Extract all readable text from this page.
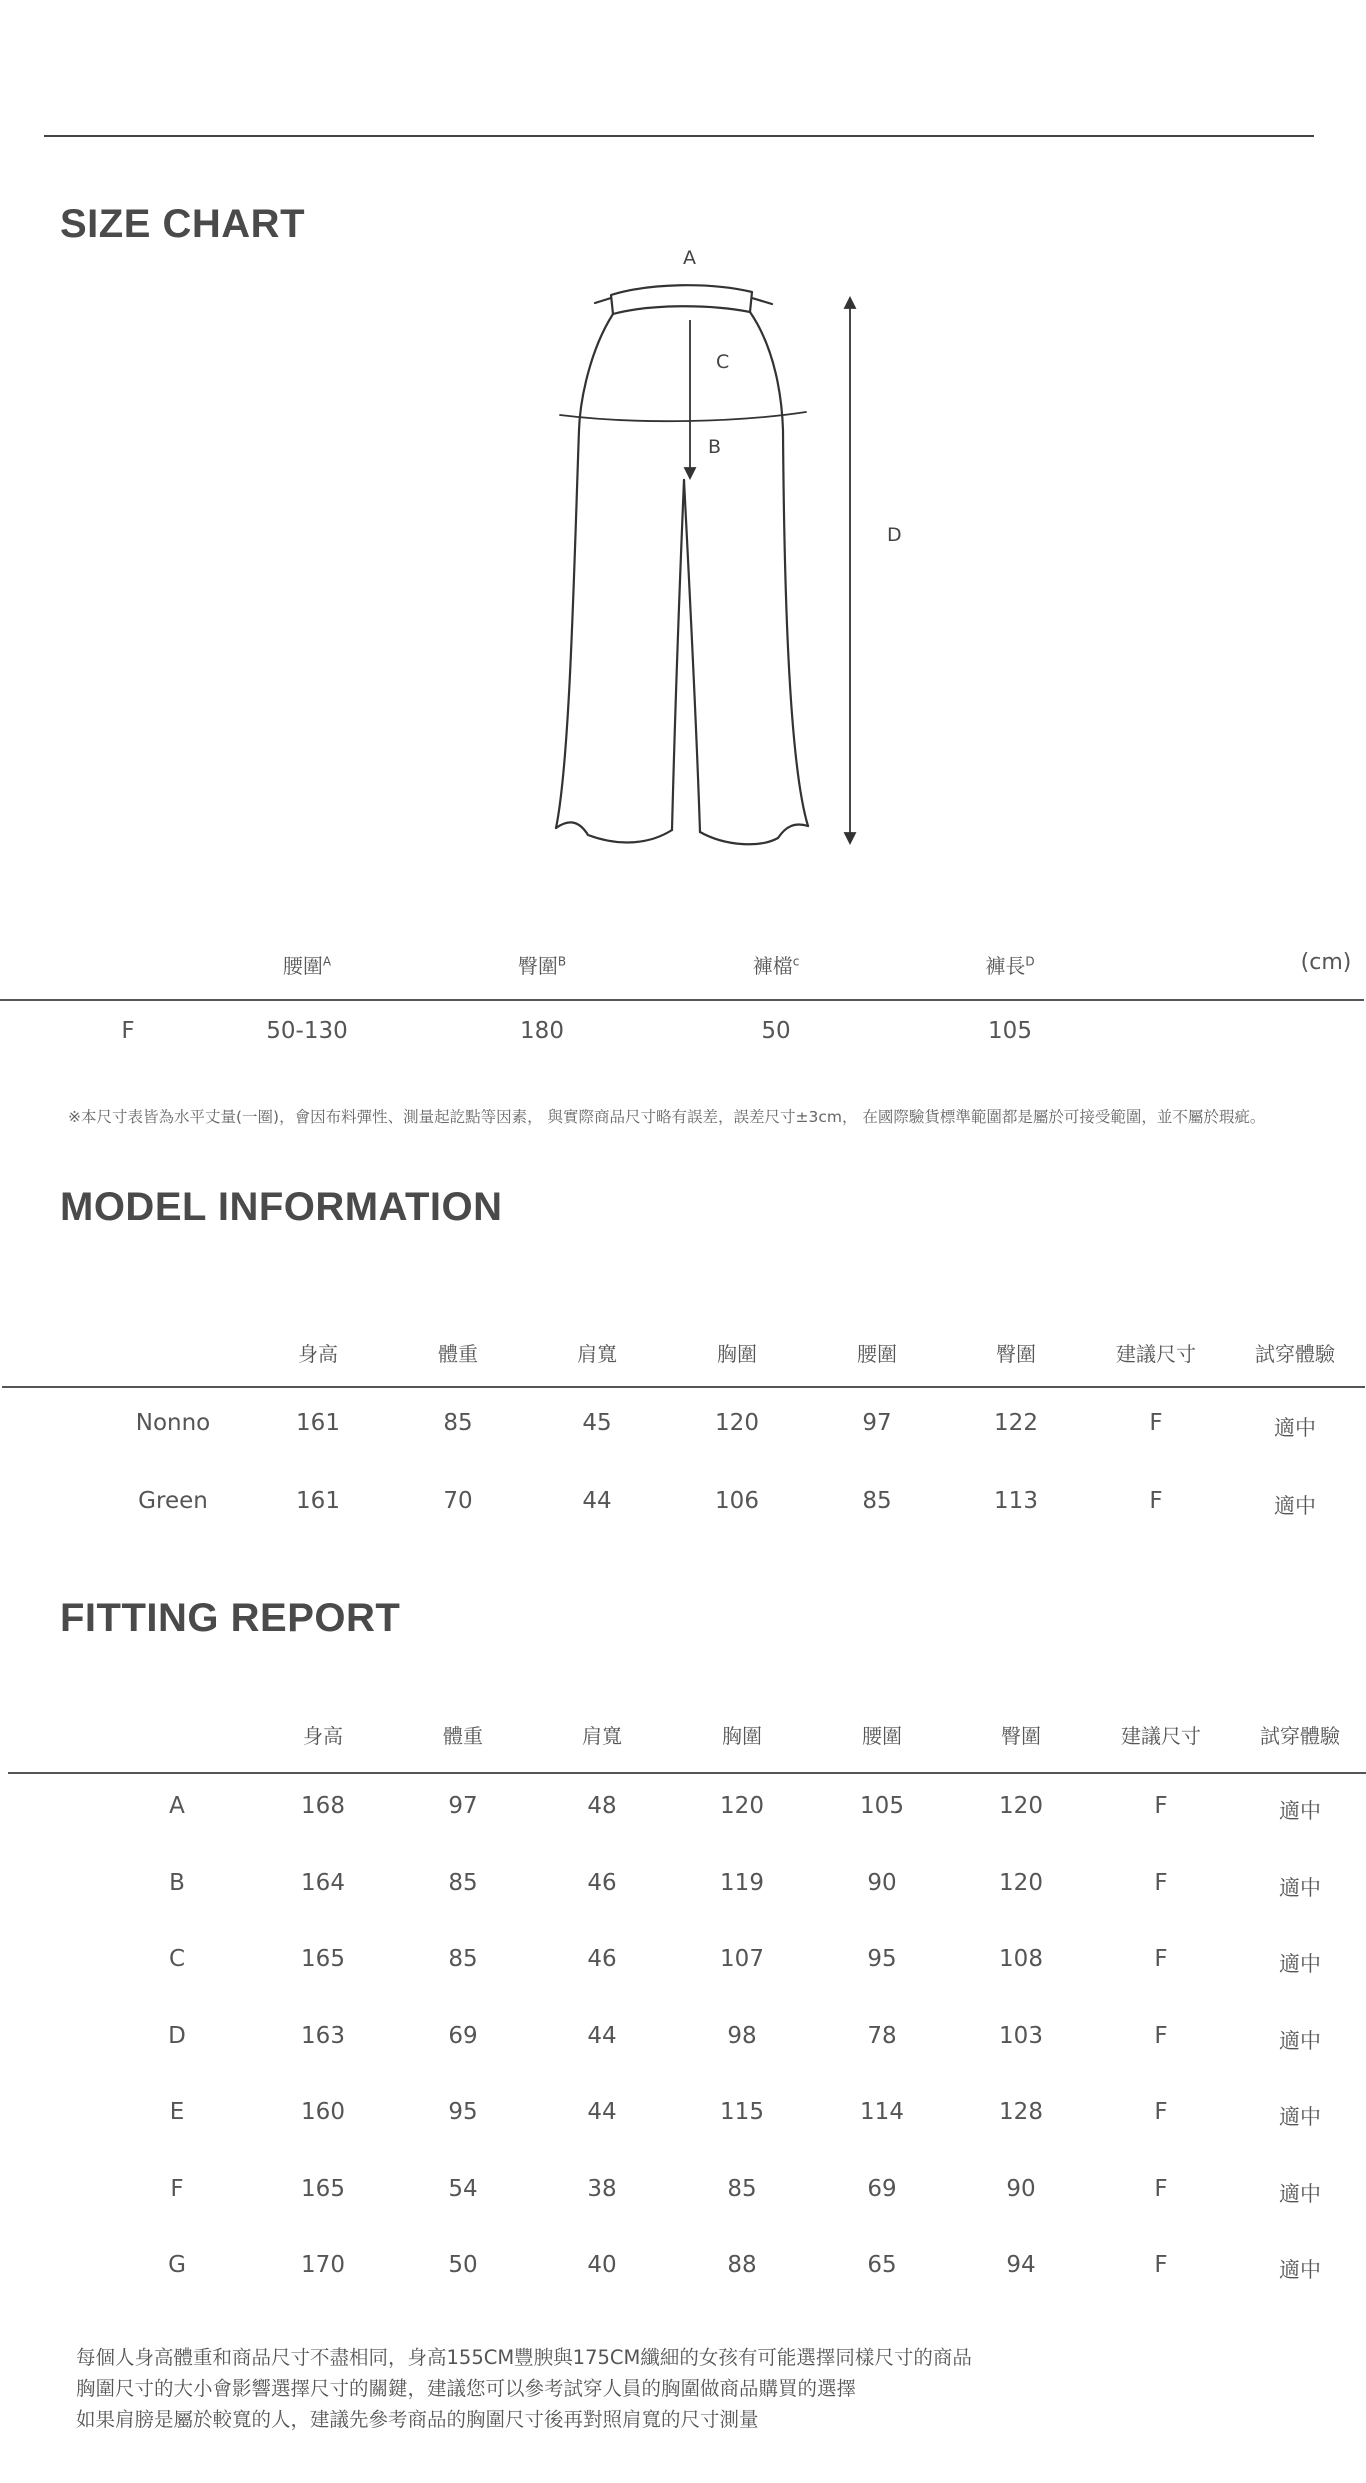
SIZE CHART
A
C
B
D
腰圍$^A$	臀圍$^B$	褲檔$^c$	褲長$^D$	(cm)
F	50-130	180	50	105
※本尺寸表皆為水平丈量(一圈)，會因布料彈性、測量起訖點等因素， 與實際商品尺寸略有誤差，誤差尺寸±3cm， 在國際驗貨標準範圍都是屬於可接受範圍，並不屬於瑕疵。
MODEL INFORMATION
身高	體重	肩寬	胸圍	腰圍	臀圍	建議尺寸	試穿體驗
Nonno	161	85	45	120	97	122	F	適中
Green	161	70	44	106	85	113	F	適中
FITTING REPORT
身高	體重	肩寬	胸圍	腰圍	臀圍	建議尺寸	試穿體驗
A	168	97	48	120	105	120	F	適中
B	164	85	46	119	90	120	F	適中
C	165	85	46	107	95	108	F	適中
D	163	69	44	98	78	103	F	適中
E	160	95	44	115	114	128	F	適中
F	165	54	38	85	69	90	F	適中
G	170	50	40	88	65	94	F	適中
每個人身高體重和商品尺寸不盡相同，身高155CM豐腴與175CM纖細的女孩有可能選擇同樣尺寸的商品
胸圍尺寸的大小會影響選擇尺寸的關鍵，建議您可以參考試穿人員的胸圍做商品購買的選擇
如果肩膀是屬於較寬的人，建議先參考商品的胸圍尺寸後再對照肩寬的尺寸測量
